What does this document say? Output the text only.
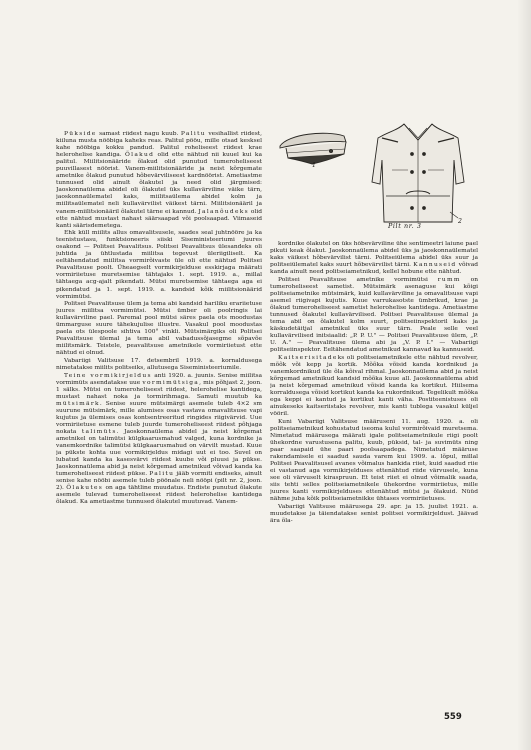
Pükside samast riidest nagu kuub. Palitu vesihallist riidest, kiiluna musta nööbiga kaheks reas. Palitul pööu, mille otsad kesksel kahe nööbiga kokku pandud. Palitul roheliseest riidest krae helerohelise kandiga. Õlakud olid ette nähtud nii kuuel kui ka palitul. Miilitsionääride õlakud olid punutud tumeroheliseest puuvillasest nöörist. Vanem-miilitsionääride ja neist kõrgemate ametnike õlakud punutud hõbevärviliseest kardnöörist. Ametiastme tunnused olid ainult õlakutel ja need olid järgmised: Jaoskonnaülema abidel oli õlakutel üks kullavärviline väike tärn, jaoskonnaülematel kaks, miilitsaülema abidel kolm ja miilitsaülematel neli kullavärvilist väikest tärni. Miilitsionääril ja vanem-miilitsionääril õlakutel tärne ei kannud. Jalanõudeks olid ette nähtud mustast nahast säärsaapad või poolsaapad. Viimaseid kanti säärisdemetega.

Ehk küll miilits allus omavalitsusele, saades seal juhtnööre ja ka teenistustasu, funktsioneeris siiski Siseministeeriumi juures osakond — Politsei Peavalitsus. Politsei Peavalitsus ülesandeks oli juhtida ja ühtlustada miilitsa tegevust üleriigiliselt. Ka eeltähendatud miilitsa vormirõivaste üle oli ette nähtud Politsei Peavalitsuse poolt. Üheaegselt vormikirjelduse esskirjaga määrati vormiriietuse muretsemise tähtajaks 1. sept. 1919. a., millal tähtaega acg-ajalt pikendati. Mütsi muretsemise tähtaega aga ei pikendatud ja 1. sept. 1919. a. kandsid kõik miilitsionäärid vormimütsi.

Politsei Peavalitsuse ülem ja tema abi kandsid hariliku erariietuse juures miilitsa vormimütsi. Mütsi ümber oli poolringis lai kullavärviline pael. Paremal pool mütsi säres paela ots moodustas ümmarguse suure tähekujulise illustre. Vasakul pool moodustas paela ots ülespoole sihtiva 100° vinkli. Mütsimärgiks oli Politsei Peavalitsuse ülemal ja tema abil vabadussõjasegme sõpavõe miilitsmärk. Teistele, peavalitsuse ametnikele vormiriietust ette nähtud ei olnud.

Vabariigi Valitsuse 17. detsembril 1919. a. kornaldusega nimetatakse miilits politseiks, allutusega Siseministeeriumile.

Teine vormikirjeldus anti 1920. a. juunis. Senise miilitsa vormimüts asendatakse uue vormimütsiga, mis põhjast 2, joon. 1 sälks. Mütsi on tumeroheliseest riidest, helerohelise kantidega, mustast nahast noka ja tormirihmaga. Samuti muutub ka mütsimärk. Senise suure mütsimärgi asemele tuleb 4×2 sm suurune mütsimärk, mille alumises osas vastava omavalitsuse vapi kujutus ja ülemises osas kontsentreeritud ringides riigivärvid. Uue vormiriietuse esmene tuleb juurde tumeroheliseest riidest põhjaga nokata talimüts. Jaoskonnaülema abidel ja neist kõrgemat ametnikel on talimütsi külgkaarusmahud valged, kuna kordnike ja vanemkordnike talimütsi külgkaarusmahud on värvilt mustad. Kuue ja pükste kohta uue vormikirjeldus midagi uut ei too. Suvel on lubatud kanda ka kasesvärvi riidest kuube või pluusi ja pükse. Jaoskonnaülema abid ja neist kõrgemad ametnikud võivad kanda ka tumeroheliseest riidest pükse. Palitu jääb vormiti endiseks, ainult senise kahe nööbi asemele tuleb pöönale neli nööpi (pilt nr. 2, joon. 2). Õlakutes on aga tähtline muudatus. Endiste punutud õlakute asemele tulevad tumeroheliseest riidest helerohelise kantidega õlakud. Ka ametiastme tunnused õlakutel muutuvad. Vanem-

1
2
Pilt nr. 3

kordnike õlakutel on üks hõbevärviline ühe sentimeetri laiune pael pikuti keak õlakut. Jaoskonnaülema abidel üks ja jaoskonnaülematel kaks väikest hõbevärvilist tärni. Politseiülema abidel üks suur ja politseiülematel kaks suurt hõbevärvilist tärni. Kannuseid võivad kanda ainult need politseiametnikud, kellel hobune ette nähtud.

Politsei Peavalitsuse ametnike vormimütsi rumm on tumeroheliseest sametist. Mütsimärk asenaguse kui kõigi politseiametnike mütsimärk, kuid kullavärviline ja omavalitsuse vapi asemel riigivapi kujutis. Kuue varrukasotste ümbrikud, krae ja õlakud tumeroheliseest sametist helerohelise kantidega. Ametiastme tunnused õlakutel kullavärvilised. Politsei Peavalitsuse ülemal ja tema abil on õlakutel kolm suurt, politseiinspektoril kaks ja käskudetäitjal ametnikul üks suur tärn. Peale selle veel kullavärvilised initsiaalid: „P. P. U." — Politsei Peavalitsuse ülem, „P. U. A." — Peavalitsuse ülema abi ja „V. P. I." — Vabariigi politseiinspektor. Eeltähendatud ametnikud kannavad ka kannuseid.

Kaitserisitadeks oli politseiametnikele ette nähtud revolver, mõõk või kepp ja kortik. Mõõka võisid kanda kordnikud ja vanemkordnikud üle õla kõival rihmal. Jaoskonnaülema abid ja neist kõrgemad ametnikud kandsid mõõka kuue all. Jaoskonnaülema abid ja neist kõrgemad ametnikud võisid kanda ka kortikut. Hiilsema korraldusega võisid kortikut kanda ka rukordnikud. Tegelikult mõõka ega keppi ei kantud ja kortikut kanti väha. Postiteenistuses oli ainukeseks kaitseriistaks revolver, mis kanti tublega vasakul küljel vööril.

Kuni Vabariigi Valitsuse määruseni 11. aug. 1920. a. oli politseiametnikud kohustatud iseoma kulul vormirõivaid muretsema. Nimetatud määrusega määrati igale politseiametnikule riigi poolt ühekordne varustusena palitu, kuub, püksid, tal- ja suvimüts ning paar saapaid ühe paari poolsaapadega. Nimetatud määruse rakendamisele ei saadud sauda varem kui 1909. a. lõpul, millal Politsei Peavalitsusel avanes võimalus hankida riiet, kuid saadud riie ei vastanud aga vormikirjelduses ettenähtud riide värvusele, kuna see oli värvuselt kiraspruun. Et teist riiet ei olnud võimalik saada, siis tehti selles politseiametnikele ühekordne vormiriietus, mille juures kanti vormikirjelduses ettenähtud mütsi ja õlakuid. Nüüd nähme juba kõik politseiametnikke ühtases vormiriietuses.

Vabariigi Valitsuse määrusega 29. apr. ja 15. juulist 1921. a. muudetakse ja täiendatakse senist politsei vormikirjeldust. Jäävad ära õla-

559
